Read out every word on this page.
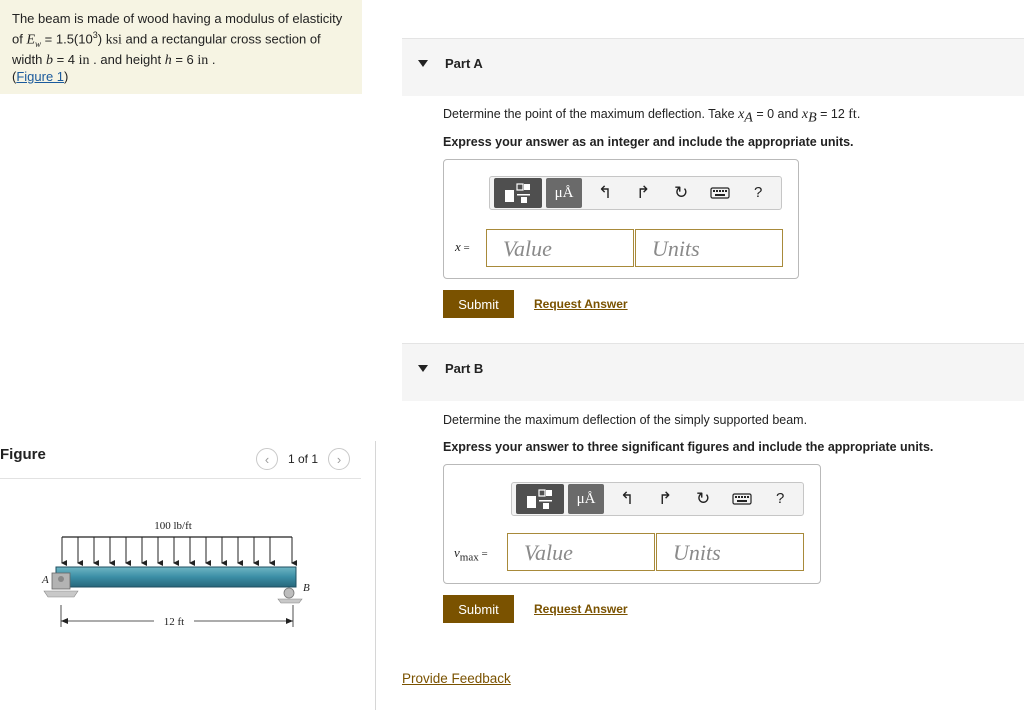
The beam is made of wood having a modulus of elasticity
of $E_w = 1.5(10^3)$ ksi and a rectangular cross section of
width b = 4 in . and height h = 6 in .
(Figure 1)
Figure	‹	1 of 1	›
100 lb/ft
A
B
12 ft
Part A
Determine the point of the maximum deflection. Take $x_A = 0$ and $x_B = 12$ ft.
Express your answer as an integer and include the appropriate units.
μÅ	↰ ↱ ↻	?
x =	Value	Units
Submit	Request Answer
Part B
Determine the maximum deflection of the simply supported beam.
Express your answer to three significant figures and include the appropriate units.
μÅ	↰ ↱ ↻	?
$v_{max}$ =	Value	Units
Submit	Request Answer
Provide Feedback
